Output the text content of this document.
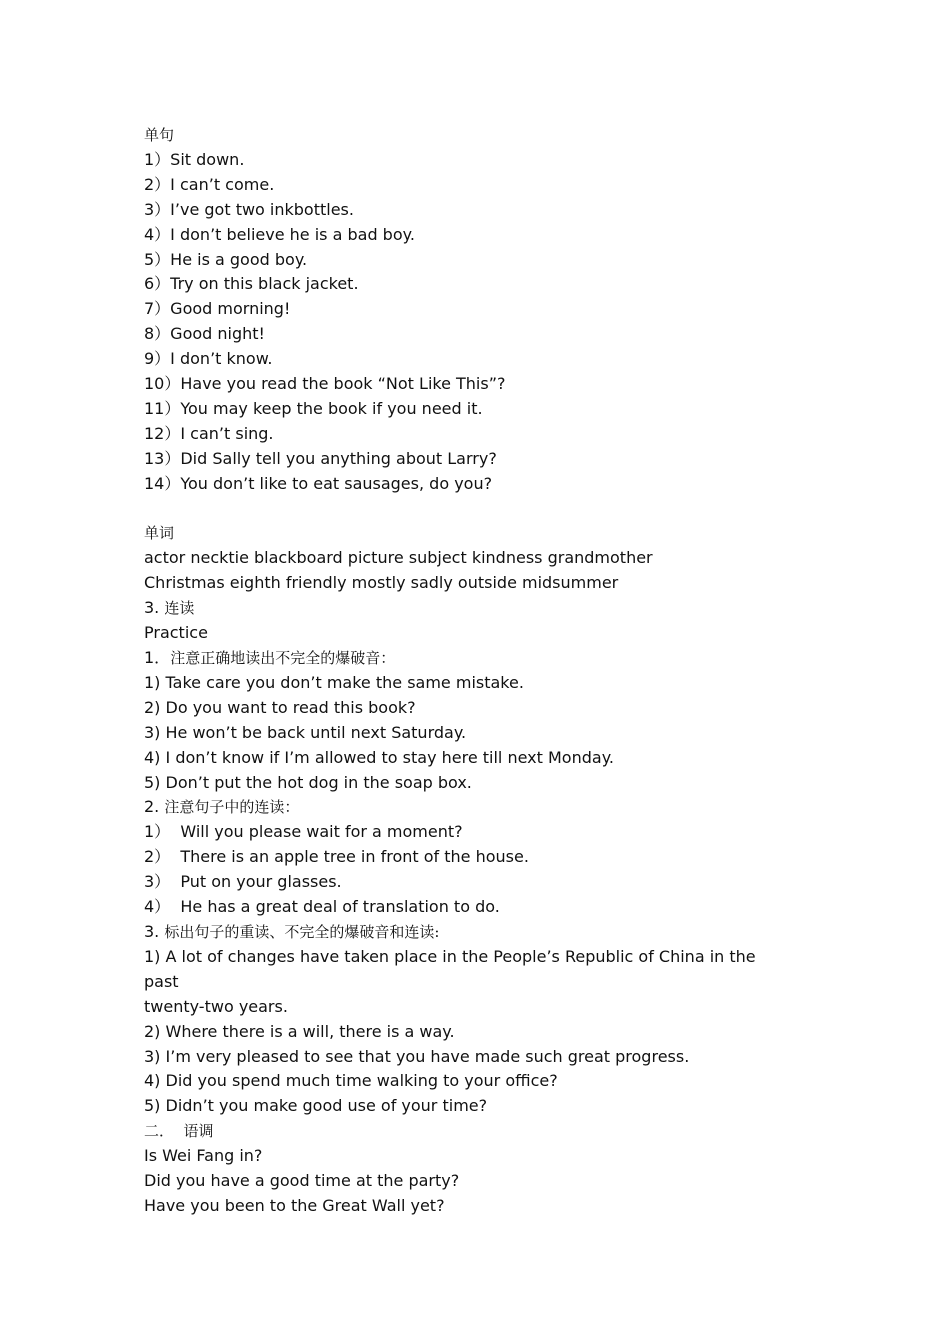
单句

1）Sit down.

2）I can’t come.

3）I’ve got two inkbottles.

4）I don’t believe he is a bad boy.

5）He is a good boy.

6）Try on this black jacket.

7）Good morning!

8）Good night!

9）I don’t know.

10）Have you read the book “Not Like This”?

11）You may keep the book if you need it.

12）I can’t sing.

13）Did Sally tell you anything about Larry?

14）You don’t like to eat sausages, do you?

单词

actor necktie blackboard picture subject kindness grandmother

Christmas eighth friendly mostly sadly outside midsummer

3. 连读

Practice

1．注意正确地读出不完全的爆破音：

1) Take care you don’t make the same mistake.

2) Do you want to read this book?

3) He won’t be back until next Saturday.

4) I don’t know if I’m allowed to stay here till next Monday.

5) Don’t put the hot dog in the soap box.

2. 注意句子中的连读：

1）  Will you please wait for a moment?

2）  There is an apple tree in front of the house.

3）  Put on your glasses.

4）  He has a great deal of translation to do.

3. 标出句子的重读、不完全的爆破音和连读:

1) A lot of changes have taken place in the People’s Republic of China in the past

twenty-two years.

2) Where there is a will, there is a way.

3) I’m very pleased to see that you have made such great progress.

4) Did you spend much time walking to your office?

5) Didn’t you make good use of your time?

二．  语调

Is Wei Fang in?

Did you have a good time at the party?

Have you been to the Great Wall yet?
